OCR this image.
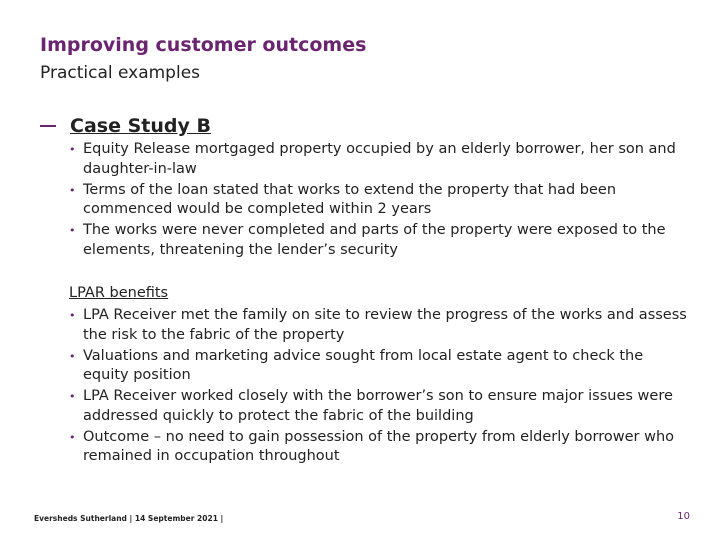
Improving customer outcomes
Practical examples
Case Study B
• Equity Release mortgaged property occupied by an elderly borrower, her son and daughter-in-law
• Terms of the loan stated that works to extend the property that had been commenced would be completed within 2 years
• The works were never completed and parts of the property were exposed to the elements, threatening the lender’s security
LPAR benefits
• LPA Receiver met the family on site to review the progress of the works and assess the risk to the fabric of the property
• Valuations and marketing advice sought from local estate agent to check the equity position
• LPA Receiver worked closely with the borrower’s son to ensure major issues were addressed quickly to protect the fabric of the building
• Outcome – no need to gain possession of the property from elderly borrower who remained in occupation throughout
Eversheds Sutherland | 14 September 2021 |	10
